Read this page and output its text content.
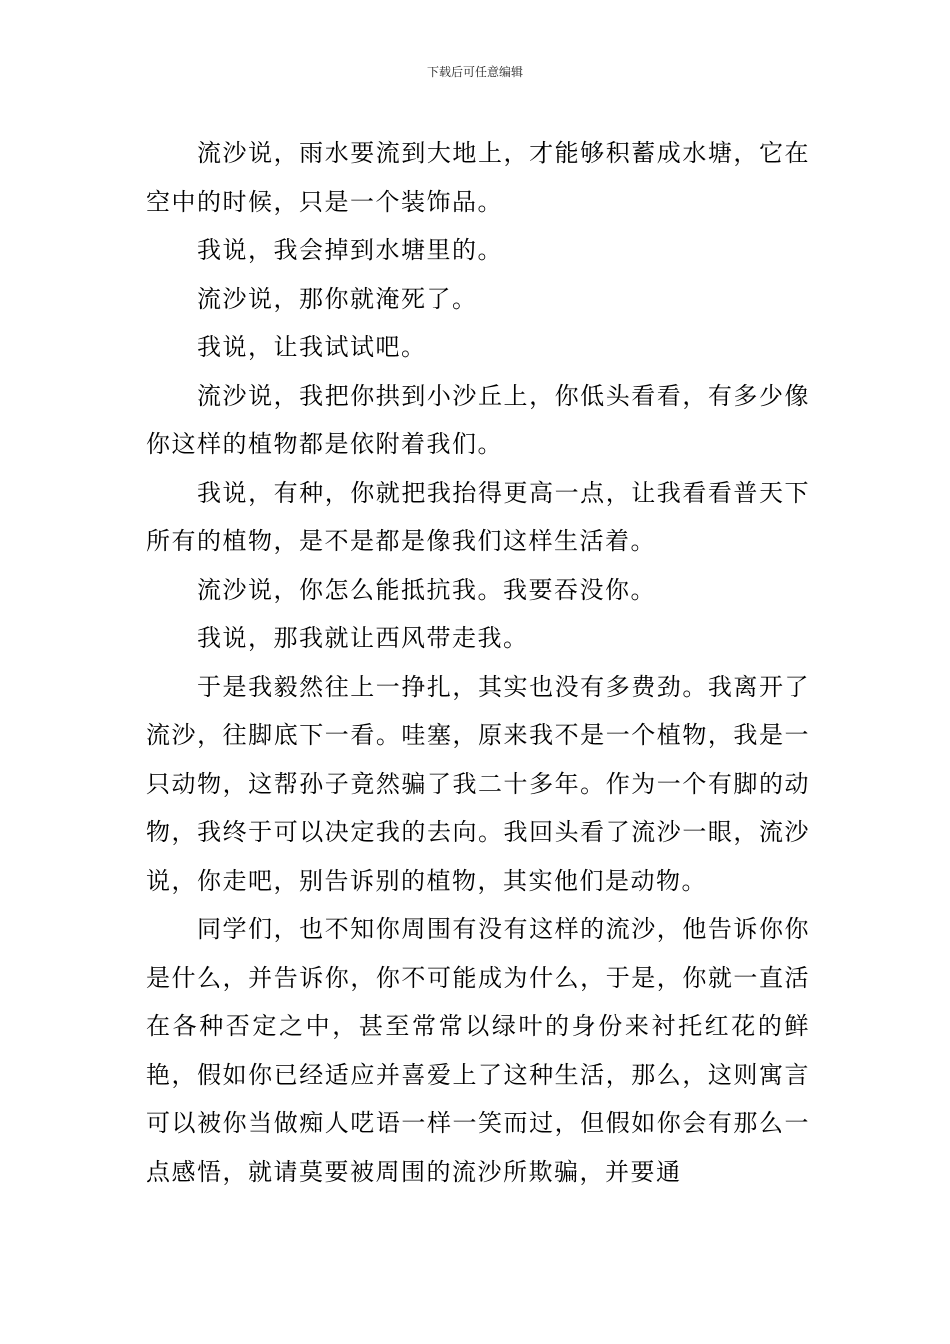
下载后可任意编辑

流沙说，雨水要流到大地上，才能够积蓄成水塘，它在空中的时候，只是一个装饰品。

我说，我会掉到水塘里的。

流沙说，那你就淹死了。

我说，让我试试吧。

流沙说，我把你拱到小沙丘上，你低头看看，有多少像你这样的植物都是依附着我们。

我说，有种，你就把我抬得更高一点，让我看看普天下所有的植物，是不是都是像我们这样生活着。

流沙说，你怎么能抵抗我。我要吞没你。

我说，那我就让西风带走我。

于是我毅然往上一挣扎，其实也没有多费劲。我离开了流沙，往脚底下一看。哇塞，原来我不是一个植物，我是一只动物，这帮孙子竟然骗了我二十多年。作为一个有脚的动物，我终于可以决定我的去向。我回头看了流沙一眼，流沙说，你走吧，别告诉别的植物，其实他们是动物。

同学们，也不知你周围有没有这样的流沙，他告诉你你是什么，并告诉你，你不可能成为什么，于是，你就一直活在各种否定之中，甚至常常以绿叶的身份来衬托红花的鲜艳，假如你已经适应并喜爱上了这种生活，那么，这则寓言可以被你当做痴人呓语一样一笑而过，但假如你会有那么一点感悟，就请莫要被周围的流沙所欺骗，并要通
